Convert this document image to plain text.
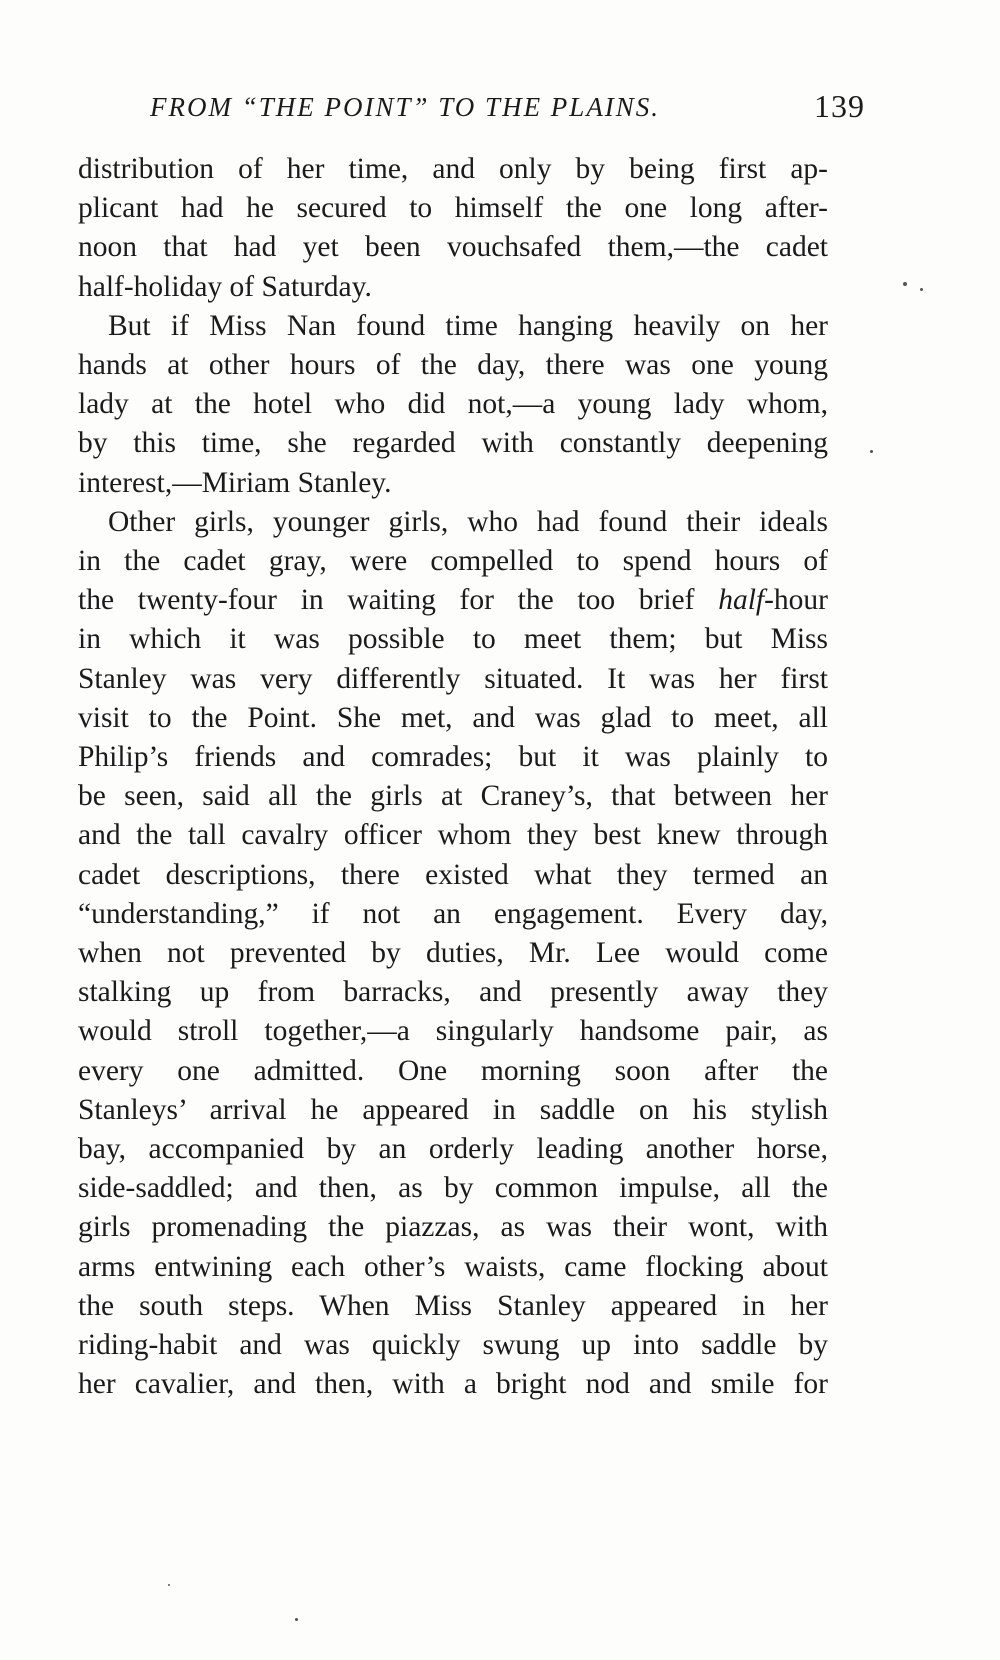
FROM “THE POINT” TO THE PLAINS.	139
distribution of her time, and only by being first ap-
plicant had he secured to himself the one long after-
noon that had yet been vouchsafed them,—the cadet
half-holiday of Saturday.
But if Miss Nan found time hanging heavily on her
hands at other hours of the day, there was one young
lady at the hotel who did not,—a young lady whom,
by this time, she regarded with constantly deepening
interest,—Miriam Stanley.
Other girls, younger girls, who had found their ideals
in the cadet gray, were compelled to spend hours of
the twenty-four in waiting for the too brief half-hour
in which it was possible to meet them; but Miss
Stanley was very differently situated. It was her first
visit to the Point. She met, and was glad to meet, all
Philip’s friends and comrades; but it was plainly to
be seen, said all the girls at Craney’s, that between her
and the tall cavalry officer whom they best knew through
cadet descriptions, there existed what they termed an
“understanding,” if not an engagement. Every day,
when not prevented by duties, Mr. Lee would come
stalking up from barracks, and presently away they
would stroll together,—a singularly handsome pair, as
every one admitted. One morning soon after the
Stanleys’ arrival he appeared in saddle on his stylish
bay, accompanied by an orderly leading another horse,
side-saddled; and then, as by common impulse, all the
girls promenading the piazzas, as was their wont, with
arms entwining each other’s waists, came flocking about
the south steps. When Miss Stanley appeared in her
riding-habit and was quickly swung up into saddle by
her cavalier, and then, with a bright nod and smile for
